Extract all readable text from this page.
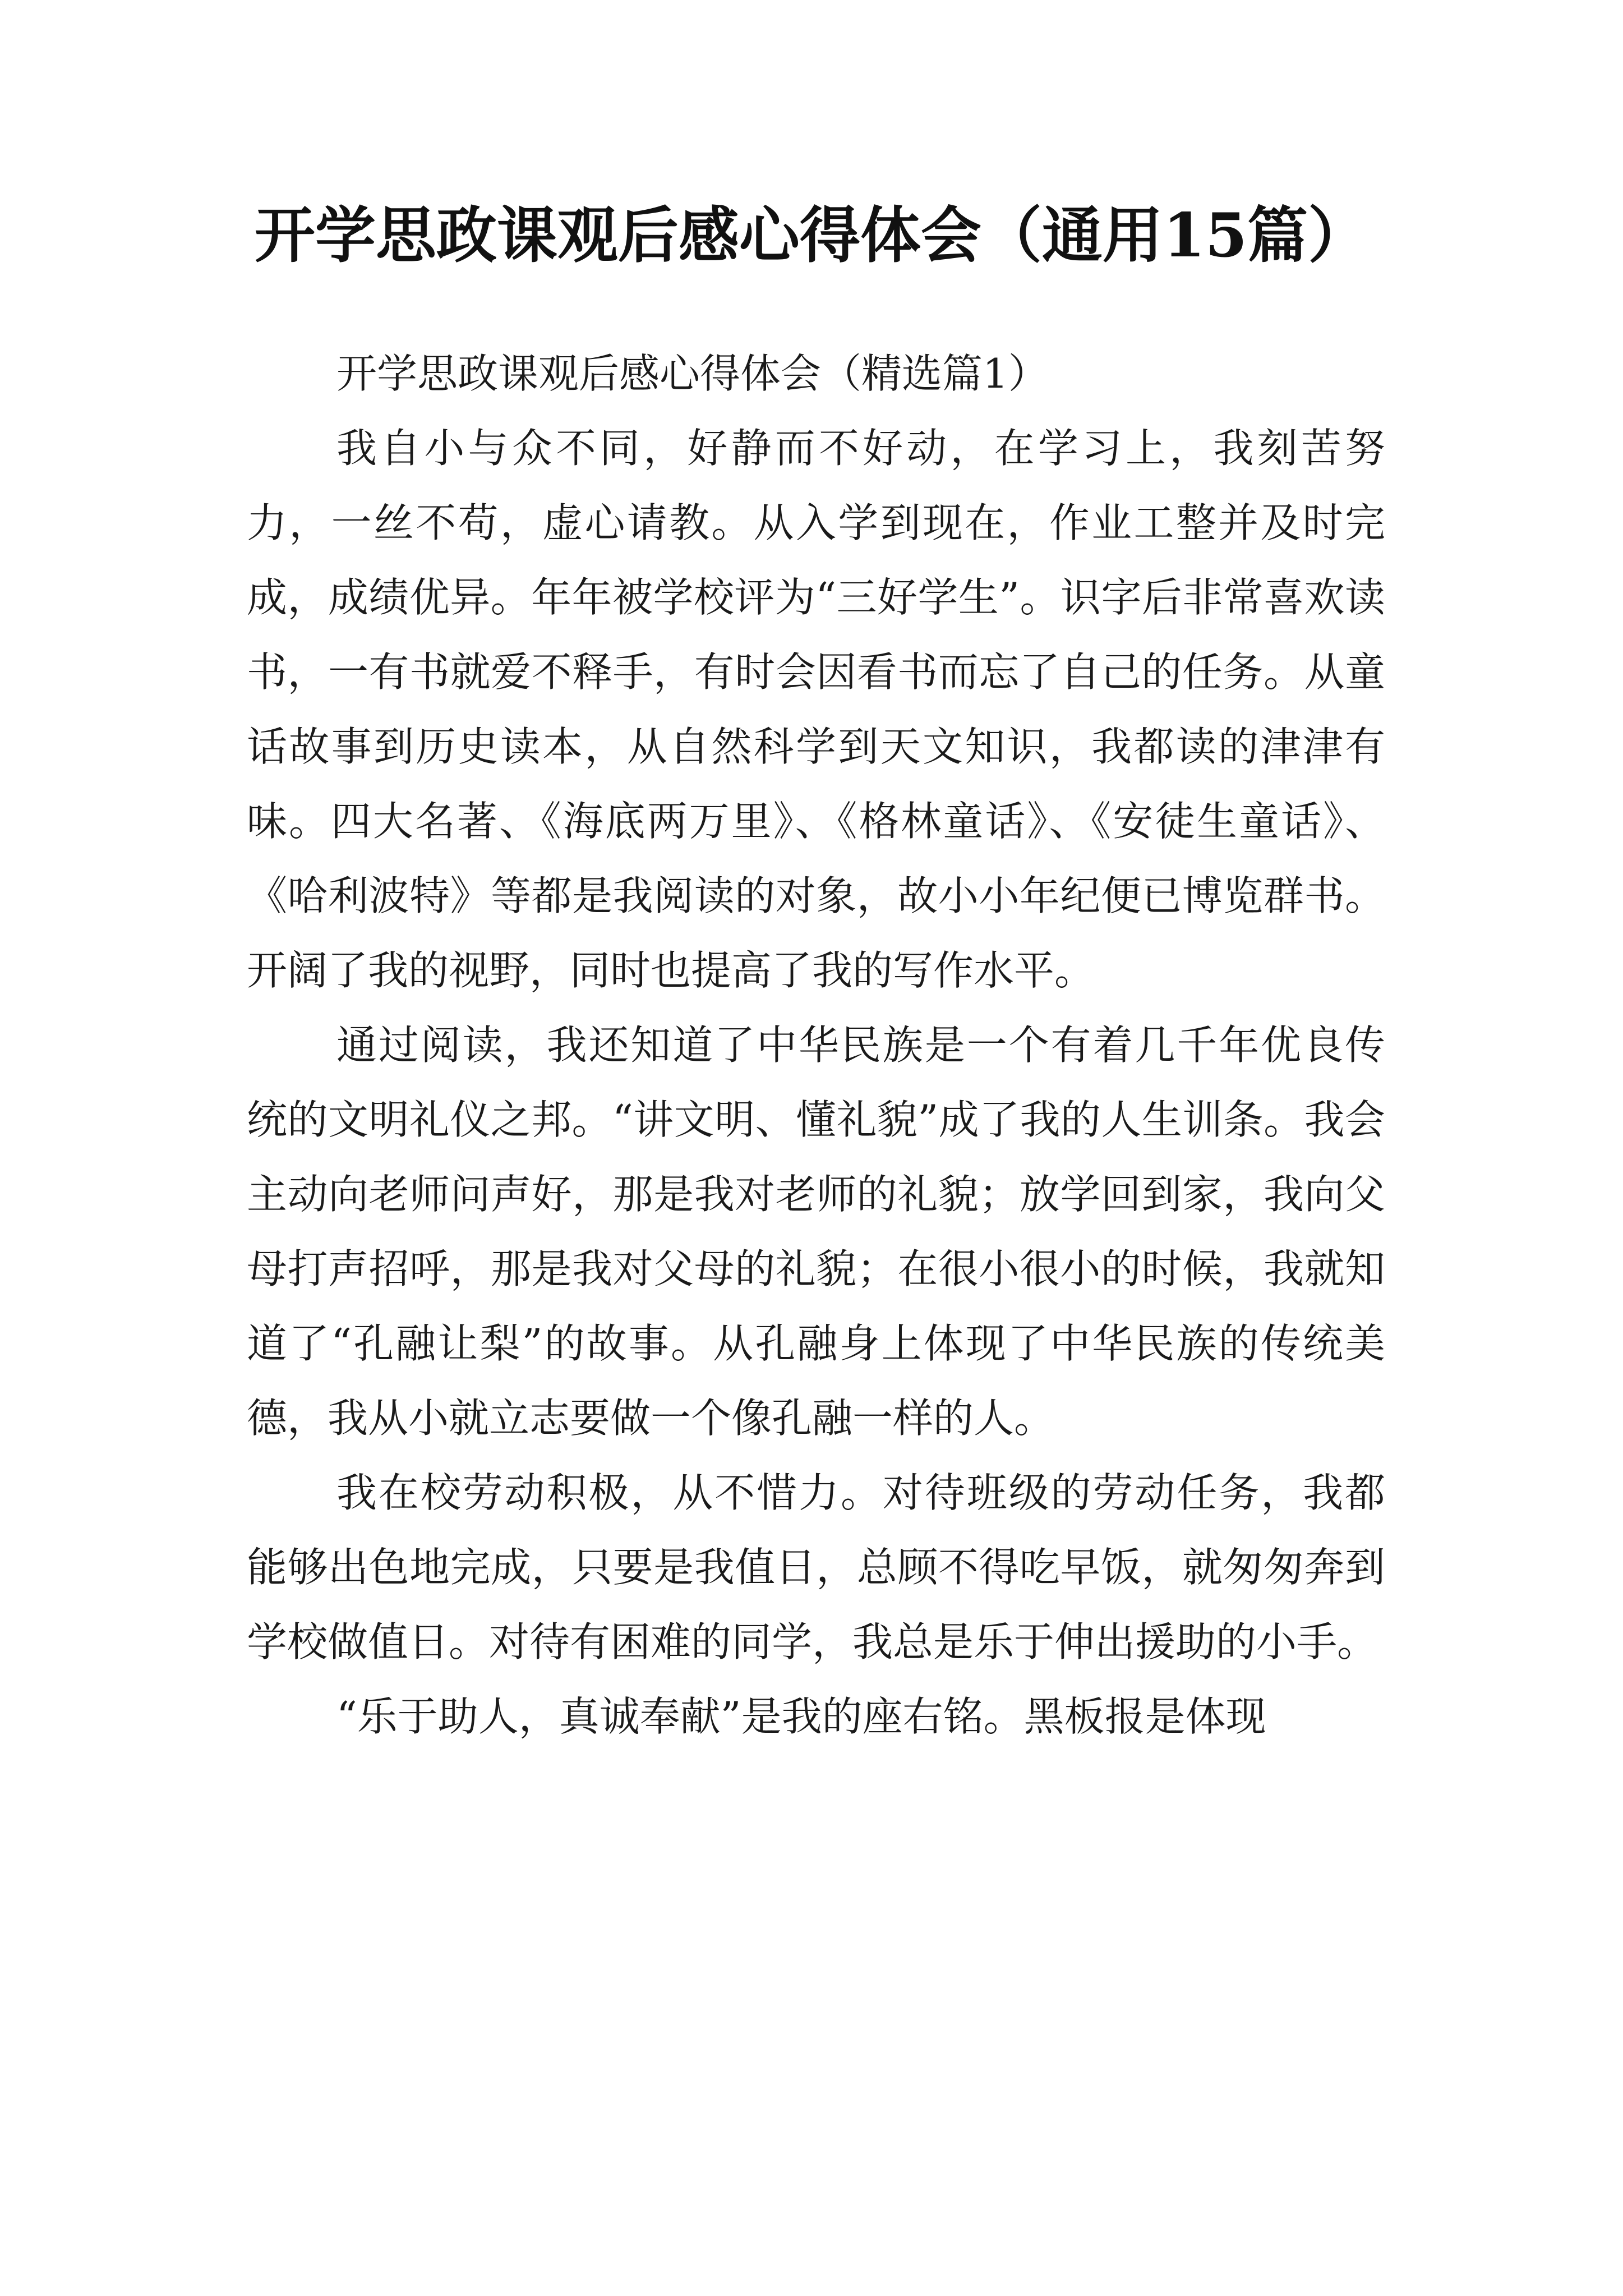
开学思政课观后感心得体会（通用15篇）

开学思政课观后感心得体会（精选篇1）

我自小与众不同，好静而不好动，在学习上，我刻苦努力，一丝不苟，虚心请教。从入学到现在，作业工整并及时完成，成绩优异。年年被学校评为“三好学生”。识字后非常喜欢读书，一有书就爱不释手，有时会因看书而忘了自己的任务。从童话故事到历史读本，从自然科学到天文知识，我都读的津津有味。四大名著、《海底两万里》、《格林童话》、《安徒生童话》、《哈利波特》等都是我阅读的对象，故小小年纪便已博览群书。开阔了我的视野，同时也提高了我的写作水平。

通过阅读，我还知道了中华民族是一个有着几千年优良传统的文明礼仪之邦。“讲文明、懂礼貌”成了我的人生训条。我会主动向老师问声好，那是我对老师的礼貌；放学回到家，我向父母打声招呼，那是我对父母的礼貌；在很小很小的时候，我就知道了“孔融让梨”的故事。从孔融身上体现了中华民族的传统美德，我从小就立志要做一个像孔融一样的人。

我在校劳动积极，从不惜力。对待班级的劳动任务，我都能够出色地完成，只要是我值日，总顾不得吃早饭，就匆匆奔到学校做值日。对待有困难的同学，我总是乐于伸出援助的小手。

“乐于助人，真诚奉献”是我的座右铭。黑板报是体现
